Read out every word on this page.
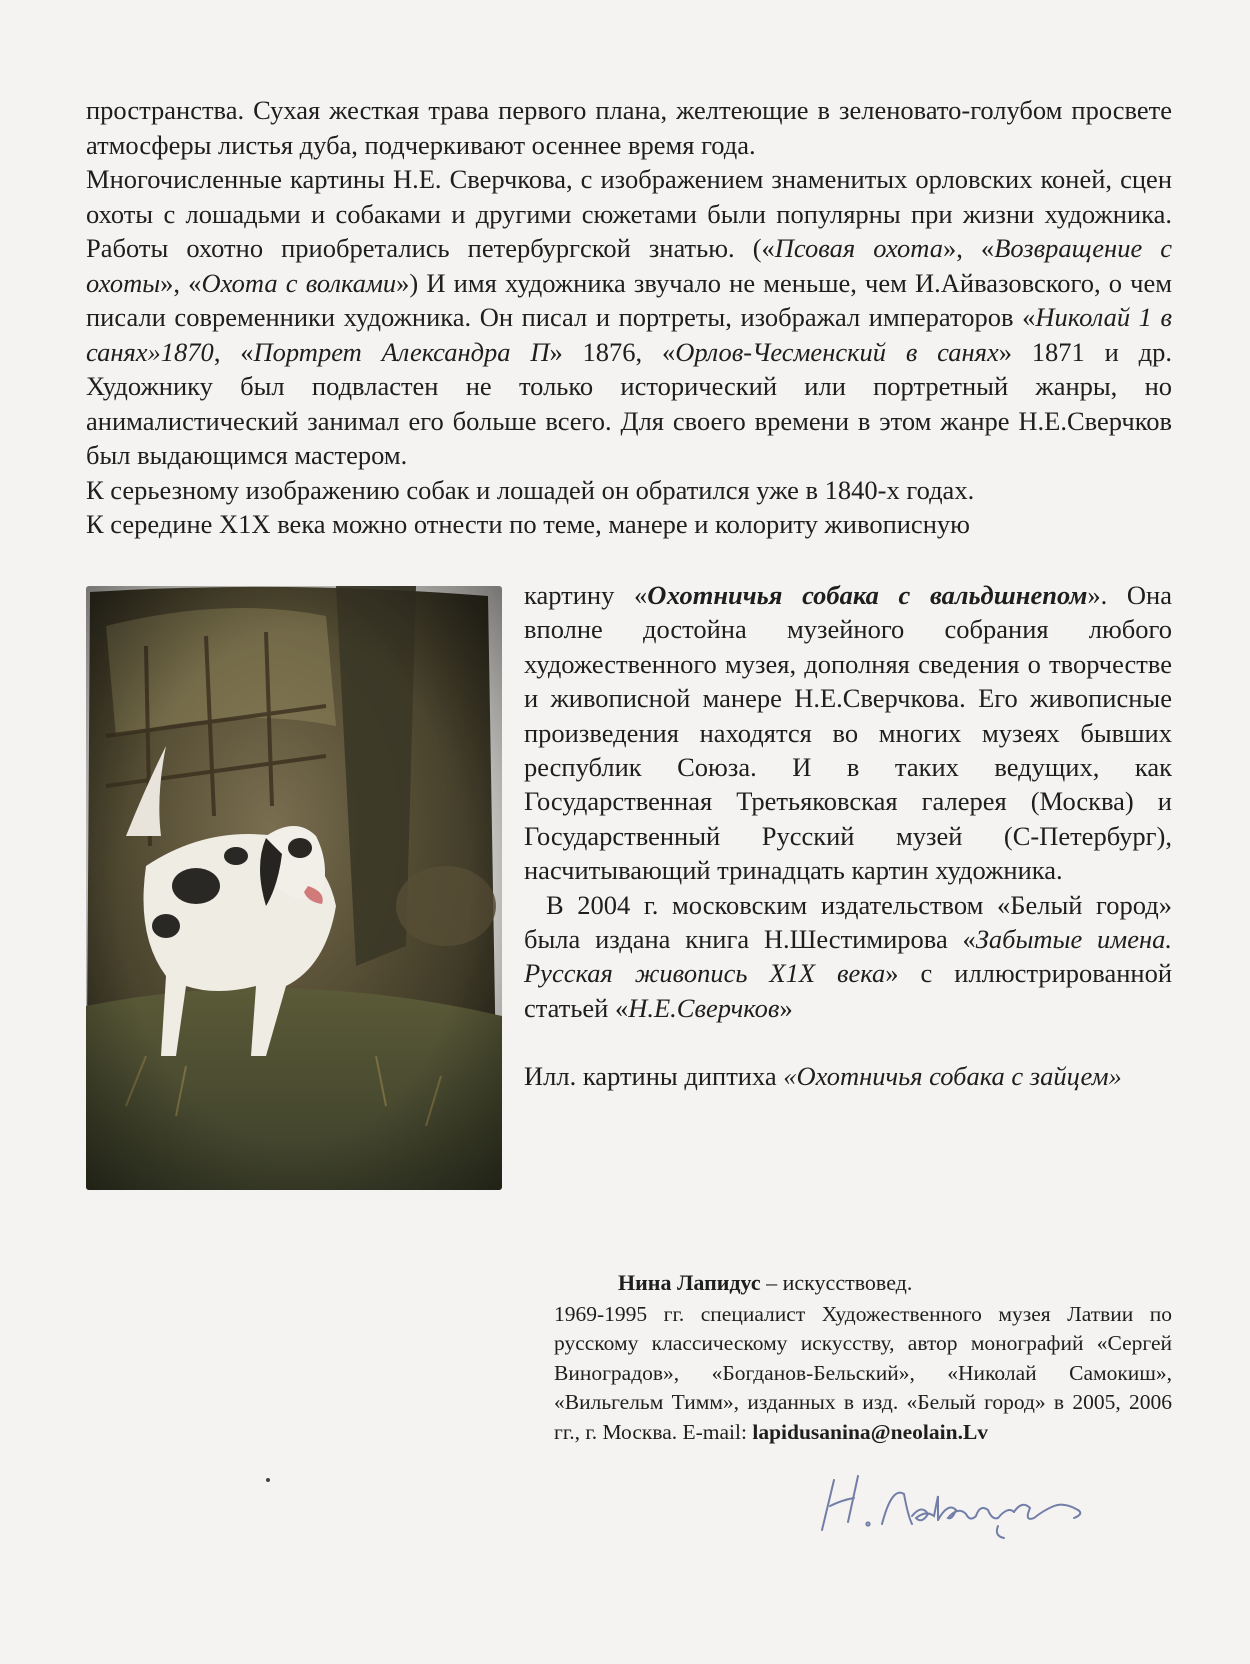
пространства. Сухая жесткая трава первого плана, желтеющие в зеленовато-голубом просвете атмосферы листья дуба, подчеркивают осеннее время года.

Многочисленные картины Н.Е. Сверчкова, с изображением знаменитых орловских коней, сцен охоты с лошадьми и собаками и другими сюжетами были популярны при жизни художника. Работы охотно приобретались петербургской знатью. («Псовая охота», «Возвращение с охоты», «Охота с волками») И имя художника звучало не меньше, чем И.Айвазовского, о чем писали современники художника. Он писал и портреты, изображал императоров «Николай 1 в санях»1870, «Портрет Александра П» 1876, «Орлов-Чесменский в санях» 1871 и др. Художнику был подвластен не только исторический или портретный жанры, но анималистический занимал его больше всего. Для своего времени в этом жанре Н.Е.Сверчков был выдающимся мастером.

К серьезному изображению собак и лошадей он обратился уже в 1840-х годах.

К середине Х1Х века можно отнести по теме, манере и колориту живописную

картину «Охотничья собака с вальдшнепом». Она вполне достойна музейного собрания любого художественного музея, дополняя сведения о творчестве и живописной манере Н.Е.Сверчкова. Его живописные произведения находятся во многих музеях бывших республик Союза. И в таких ведущих, как Государственная Третьяковская галерея (Москва) и Государственный Русский музей (С-Петербург), насчитывающий тринадцать картин художника.

В 2004 г. московским издательством «Белый город» была издана книга Н.Шестимирова «Забытые имена. Русская живопись Х1Х века» с иллюстрированной статьей «Н.Е.Сверчков»

Илл. картины диптиха «Охотничья собака с зайцем»

Нина Лапидус – искусствовед.

1969-1995 гг. специалист Художественного музея Латвии по русскому классическому искусству, автор монографий «Сергей Виноградов», «Богданов-Бельский», «Николай Самокиш», «Вильгельм Тимм», изданных в изд. «Белый город» в 2005, 2006 гг., г. Москва. E-mail: lapidusanina@neolain.Lv
